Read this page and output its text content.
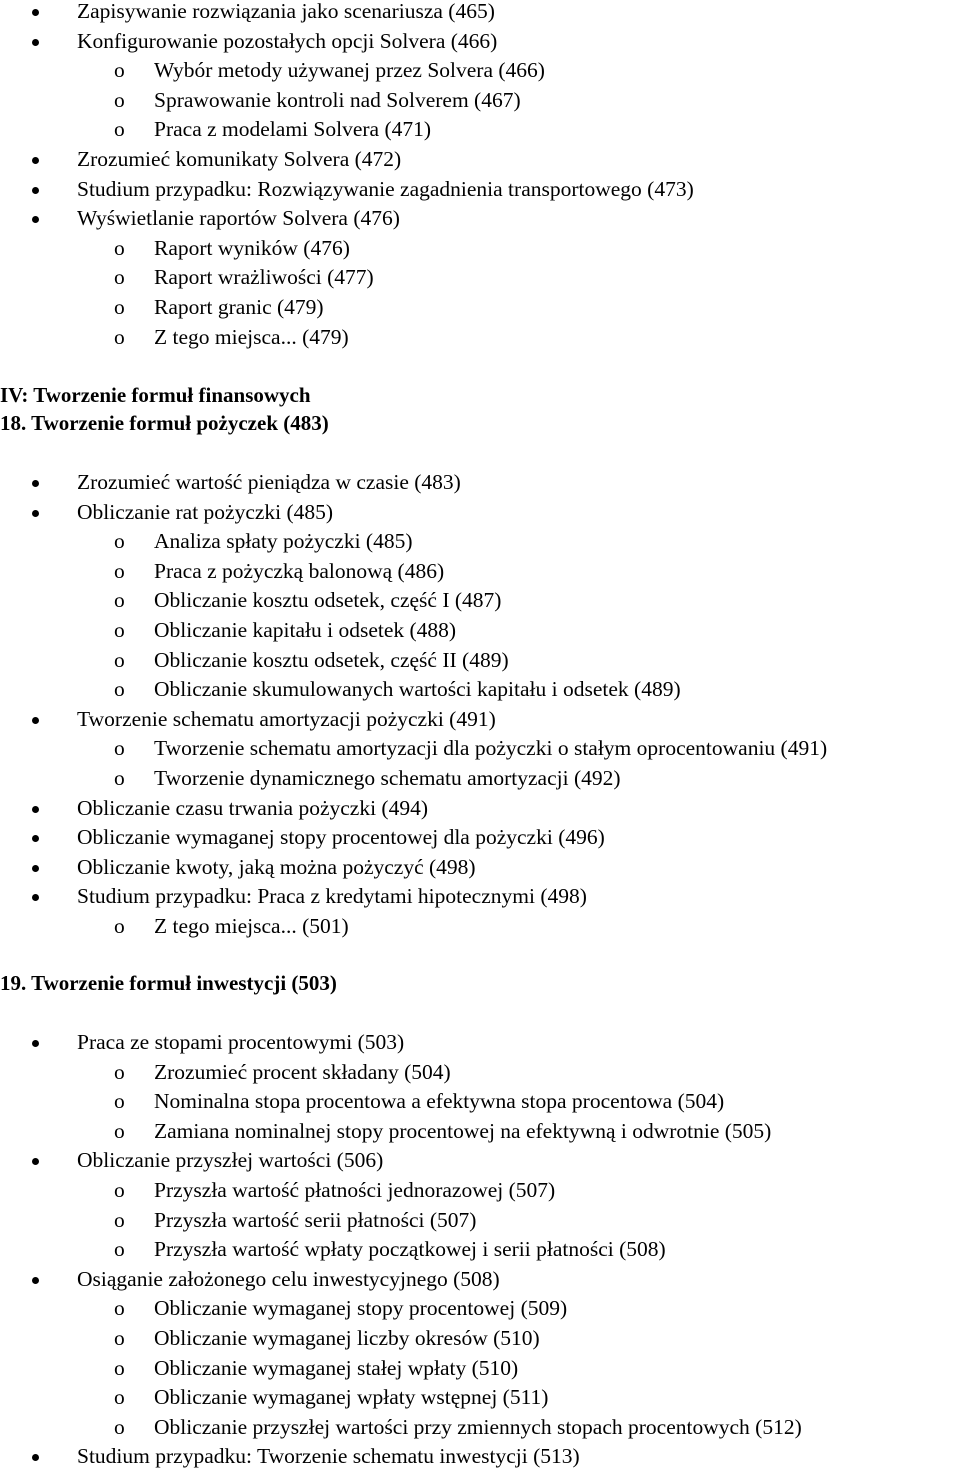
Zapisywanie rozwiązania jako scenariusza (465)
Konfigurowanie pozostałych opcji Solvera (466)
o Wybór metody używanej przez Solvera (466)
o Sprawowanie kontroli nad Solverem (467)
o Praca z modelami Solvera (471)
Zrozumieć komunikaty Solvera (472)
Studium przypadku: Rozwiązywanie zagadnienia transportowego (473)
Wyświetlanie raportów Solvera (476)
o Raport wyników (476)
o Raport wrażliwości (477)
o Raport granic (479)
o Z tego miejsca... (479)
IV: Tworzenie formuł finansowych
18. Tworzenie formuł pożyczek (483)
Zrozumieć wartość pieniądza w czasie (483)
Obliczanie rat pożyczki (485)
o Analiza spłaty pożyczki (485)
o Praca z pożyczką balonową (486)
o Obliczanie kosztu odsetek, część I (487)
o Obliczanie kapitału i odsetek (488)
o Obliczanie kosztu odsetek, część II (489)
o Obliczanie skumulowanych wartości kapitału i odsetek (489)
Tworzenie schematu amortyzacji pożyczki (491)
o Tworzenie schematu amortyzacji dla pożyczki o stałym oprocentowaniu (491)
o Tworzenie dynamicznego schematu amortyzacji (492)
Obliczanie czasu trwania pożyczki (494)
Obliczanie wymaganej stopy procentowej dla pożyczki (496)
Obliczanie kwoty, jaką można pożyczyć (498)
Studium przypadku: Praca z kredytami hipotecznymi (498)
o Z tego miejsca... (501)
19. Tworzenie formuł inwestycji (503)
Praca ze stopami procentowymi (503)
o Zrozumieć procent składany (504)
o Nominalna stopa procentowa a efektywna stopa procentowa (504)
o Zamiana nominalnej stopy procentowej na efektywną i odwrotnie (505)
Obliczanie przyszłej wartości (506)
o Przyszła wartość płatności jednorazowej (507)
o Przyszła wartość serii płatności (507)
o Przyszła wartość wpłaty początkowej i serii płatności (508)
Osiąganie założonego celu inwestycyjnego (508)
o Obliczanie wymaganej stopy procentowej (509)
o Obliczanie wymaganej liczby okresów (510)
o Obliczanie wymaganej stałej wpłaty (510)
o Obliczanie wymaganej wpłaty wstępnej (511)
o Obliczanie przyszłej wartości przy zmiennych stopach procentowych (512)
Studium przypadku: Tworzenie schematu inwestycji (513)
